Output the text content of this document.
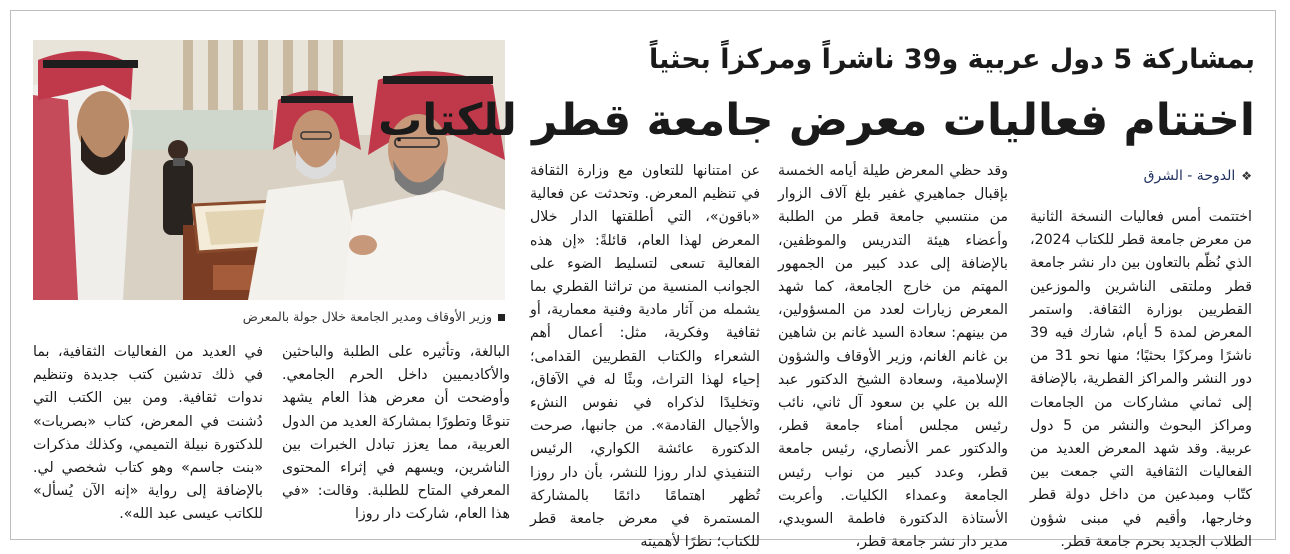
وزير الأوقاف ومدير الجامعة خلال جولة بالمعرض
بمشاركة 5 دول عربية و39 ناشراً ومركزاً بحثياً
اختتام فعاليات معرض جامعة قطر للكتاب
❖الدوحة - الشرق
اختتمت أمس فعاليات النسخة الثانية من معرض جامعة قطر للكتاب 2024، الذي نُظّم بالتعاون بين دار نشر جامعة قطر وملتقى الناشرين والموزعين القطريين بوزارة الثقافة. واستمر المعرض لمدة 5 أيام، شارك فيه 39 ناشرًا ومركزًا بحثيًا؛ منها نحو 31 من دور النشر والمراكز القطرية، بالإضافة إلى ثماني مشاركات من الجامعات ومراكز البحوث والنشر من 5 دول عربية. وقد شهد المعرض العديد من الفعاليات الثقافية التي جمعت بين كتّاب ومبدعين من داخل دولة قطر وخارجها، وأقيم في مبنى شؤون الطلاب الجديد بحرم جامعة قطر.
وقد حظي المعرض طيلة أيامه الخمسة بإقبال جماهيري غفير بلغ آلاف الزوار من منتسبي جامعة قطر من الطلبة وأعضاء هيئة التدريس والموظفين، بالإضافة إلى عدد كبير من الجمهور المهتم من خارج الجامعة، كما شهد المعرض زيارات لعدد من المسؤولين، من بينهم: سعادة السيد غانم بن شاهين بن غانم الغانم، وزير الأوقاف والشؤون الإسلامية، وسعادة الشيخ الدكتور عبد الله بن علي بن سعود آل ثاني، نائب رئيس مجلس أمناء جامعة قطر، والدكتور عمر الأنصاري، رئيس جامعة قطر، وعدد كبير من نواب رئيس الجامعة وعمداء الكليات. وأعربت الأستاذة الدكتورة فاطمة السويدي، مدير دار نشر جامعة قطر،
عن امتنانها للتعاون مع وزارة الثقافة في تنظيم المعرض. وتحدثت عن فعالية «باقون»، التي أطلقتها الدار خلال المعرض لهذا العام، قائلةً: «إن هذه الفعالية تسعى لتسليط الضوء على الجوانب المنسية من تراثنا القطري بما يشمله من آثار مادية وفنية معمارية، أو ثقافية وفكرية، مثل: أعمال أهم الشعراء والكتاب القطريين القدامى؛ إحياء لهذا التراث، وبثًا له في الآفاق، وتخليدًا لذكراه في نفوس النشء والأجيال القادمة». من جانبها، صرحت الدكتورة عائشة الكواري، الرئيس التنفيذي لدار روزا للنشر، بأن دار روزا تُظهر اهتمامًا دائمًا بالمشاركة المستمرة في معرض جامعة قطر للكتاب؛ نظرًا لأهميته
البالغة، وتأثيره على الطلبة والباحثين والأكاديميين داخل الحرم الجامعي. وأوضحت أن معرض هذا العام يشهد تنوعًا وتطورًا بمشاركة العديد من الدول العربية، مما يعزز تبادل الخبرات بين الناشرين، ويسهم في إثراء المحتوى المعرفي المتاح للطلبة. وقالت: «في هذا العام، شاركت دار روزا
في العديد من الفعاليات الثقافية، بما في ذلك تدشين كتب جديدة وتنظيم ندوات ثقافية. ومن بين الكتب التي دُشنت في المعرض، كتاب «بصريات» للدكتورة نبيلة التميمي، وكذلك مذكرات «بنت جاسم» وهو كتاب شخصي لي. بالإضافة إلى رواية «إنه الآن يُسأل» للكاتب عيسى عبد الله».
